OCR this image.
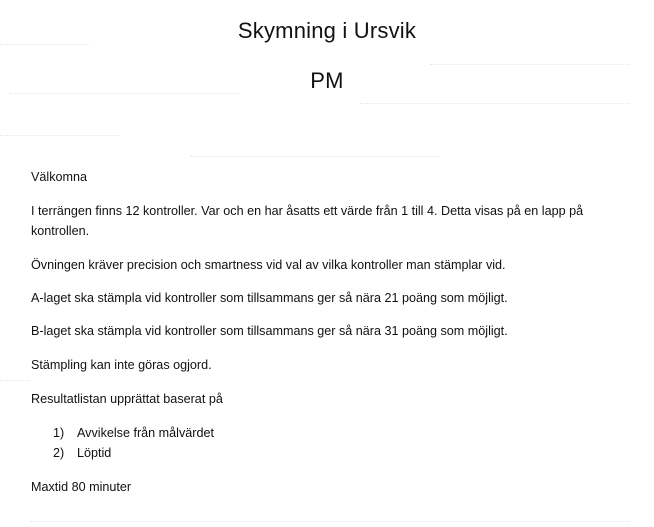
Skymning i Ursvik
PM
Välkomna
I terrängen finns 12 kontroller. Var och en har åsatts ett värde från 1 till 4. Detta visas på en lapp på kontrollen.
Övningen kräver precision och smartness vid val av vilka kontroller man stämplar vid.
A-laget ska stämpla vid kontroller som tillsammans ger så nära 21 poäng som möjligt.
B-laget ska stämpla vid kontroller som tillsammans ger så nära 31 poäng som möjligt.
Stämpling kan inte göras ogjord.
Resultatlistan upprättat baserat på
1) Avvikelse från målvärdet
2) Löptid
Maxtid 80 minuter
